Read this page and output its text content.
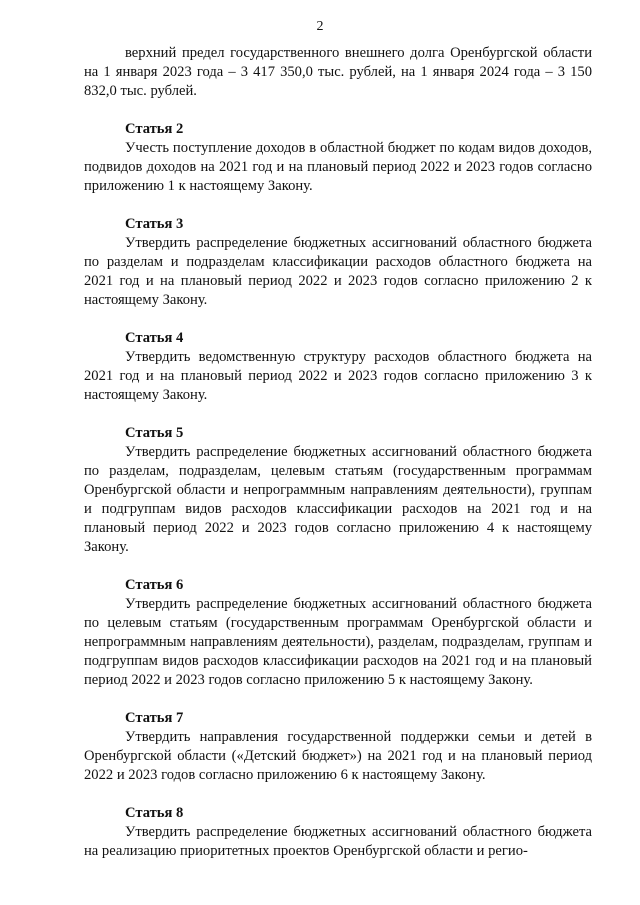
2

верхний предел государственного внешнего долга Оренбургской области на 1 января 2023 года – 3 417 350,0 тыс. рублей, на 1 января 2024 года – 3 150 832,0 тыс. рублей.

Статья 2

Учесть поступление доходов в областной бюджет по кодам видов доходов, подвидов доходов на 2021 год и на плановый период 2022 и 2023 годов согласно приложению 1 к настоящему Закону.

Статья 3

Утвердить распределение бюджетных ассигнований областного бюджета по разделам и подразделам классификации расходов областного бюджета на 2021 год и на плановый период 2022 и 2023 годов согласно приложению 2 к настоящему Закону.

Статья 4

Утвердить ведомственную структуру расходов областного бюджета на 2021 год и на плановый период 2022 и 2023 годов согласно приложению 3 к настоящему Закону.

Статья 5

Утвердить распределение бюджетных ассигнований областного бюджета по разделам, подразделам, целевым статьям (государственным программам Оренбургской области и непрограммным направлениям деятельности), группам и подгруппам видов расходов классификации расходов на 2021 год и на плановый период 2022 и 2023 годов согласно приложению 4 к настоящему Закону.

Статья 6

Утвердить распределение бюджетных ассигнований областного бюджета по целевым статьям (государственным программам Оренбургской области и непрограммным направлениям деятельности), разделам, подразделам, группам и подгруппам видов расходов классификации расходов на 2021 год и на плановый период 2022 и 2023 годов согласно приложению 5 к настоящему Закону.

Статья 7

Утвердить направления государственной поддержки семьи и детей в Оренбургской области («Детский бюджет») на 2021 год и на плановый период 2022 и 2023 годов согласно приложению 6 к настоящему Закону.

Статья 8

Утвердить распределение бюджетных ассигнований областного бюджета на реализацию приоритетных проектов Оренбургской области и регио-
